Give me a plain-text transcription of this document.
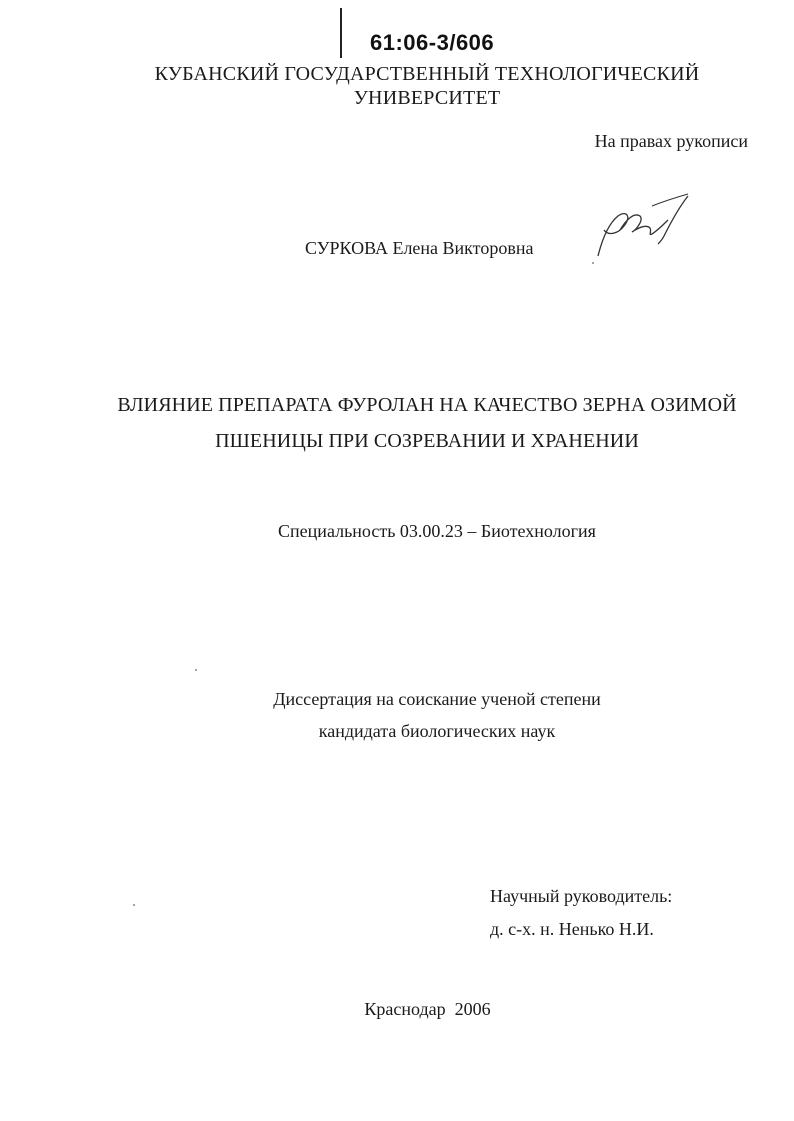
61:06-3/606
КУБАНСКИЙ ГОСУДАРСТВЕННЫЙ ТЕХНОЛОГИЧЕСКИЙ
УНИВЕРСИТЕТ
На правах рукописи
СУРКОВА Елена Викторовна
ВЛИЯНИЕ ПРЕПАРАТА ФУРОЛАН НА КАЧЕСТВО ЗЕРНА ОЗИМОЙ
ПШЕНИЦЫ ПРИ СОЗРЕВАНИИ И ХРАНЕНИИ
Специальность 03.00.23 – Биотехнология
Диссертация на соискание ученой степени
кандидата биологических наук
Научный руководитель:
д. с-х. н. Ненько Н.И.
Краснодар  2006
